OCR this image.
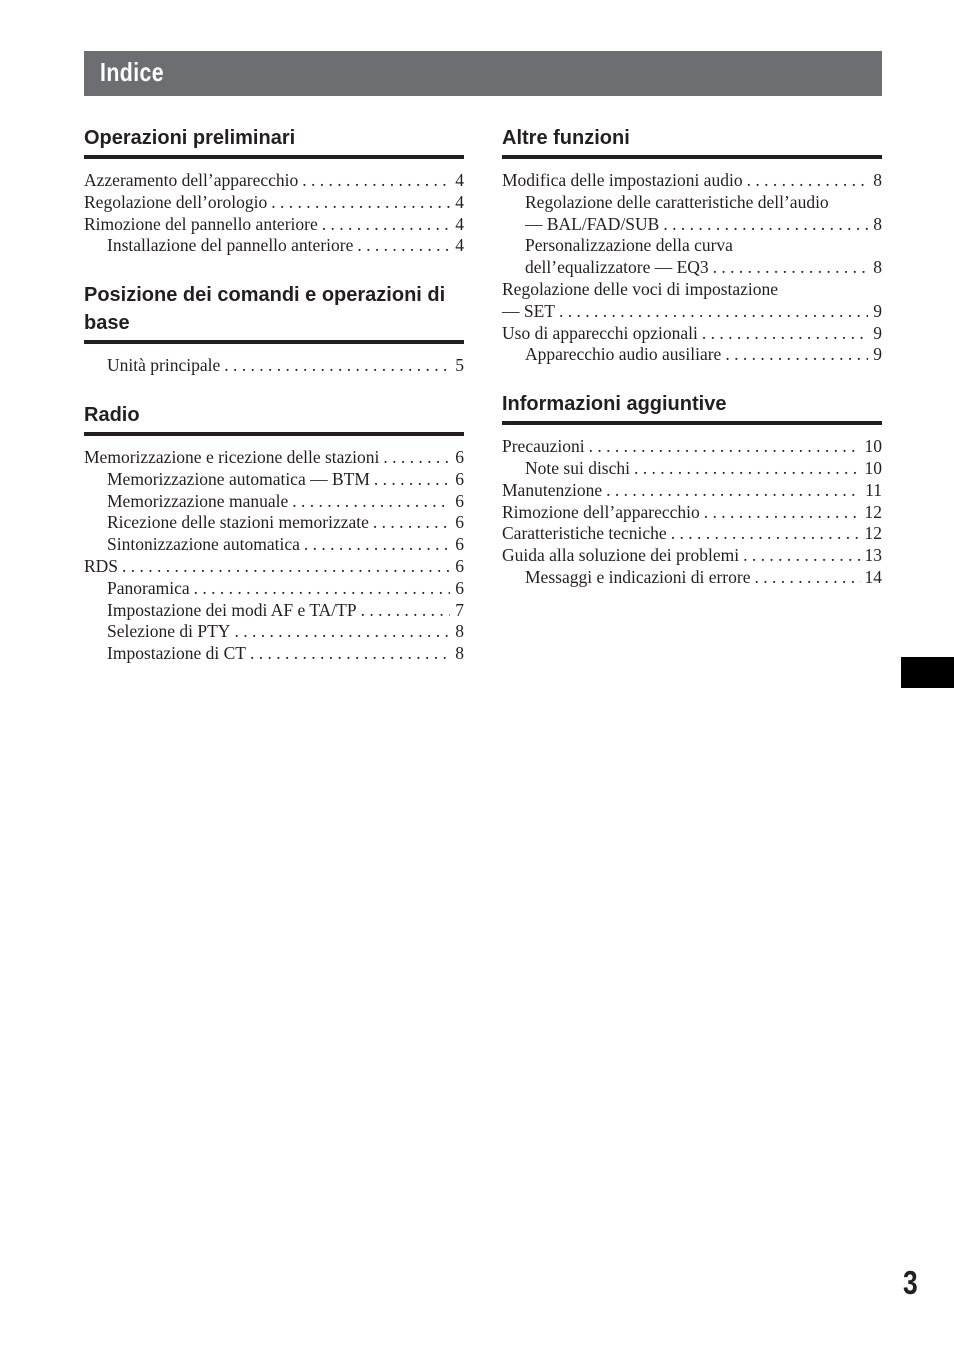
Indice
Operazioni preliminari
Azzeramento dell’apparecchio . . .	4
Regolazione dell’orologio . . .	4
Rimozione del pannello anteriore . . .	4
Installazione del pannello anteriore . . .	4
Posizione dei comandi e operazioni di base
Unità principale . . .	5
Radio
Memorizzazione e ricezione delle stazioni . . .	6
Memorizzazione automatica — BTM . . .	6
Memorizzazione manuale . . .	6
Ricezione delle stazioni memorizzate . . .	6
Sintonizzazione automatica . . .	6
RDS . . .	6
Panoramica . . .	6
Impostazione dei modi AF e TA/TP . . .	7
Selezione di PTY . . .	8
Impostazione di CT . . .	8
Altre funzioni
Modifica delle impostazioni audio . . .	8
Regolazione delle caratteristiche dell’audio
— BAL/FAD/SUB . . .	8
Personalizzazione della curva
dell’equalizzatore — EQ3 . . .	8
Regolazione delle voci di impostazione
— SET . . .	9
Uso di apparecchi opzionali . . .	9
Apparecchio audio ausiliare . . .	9
Informazioni aggiuntive
Precauzioni . . .	10
Note sui dischi . . .	10
Manutenzione . . .	11
Rimozione dell’apparecchio . . .	12
Caratteristiche tecniche . . .	12
Guida alla soluzione dei problemi . . .	13
Messaggi e indicazioni di errore . . .	14
3
